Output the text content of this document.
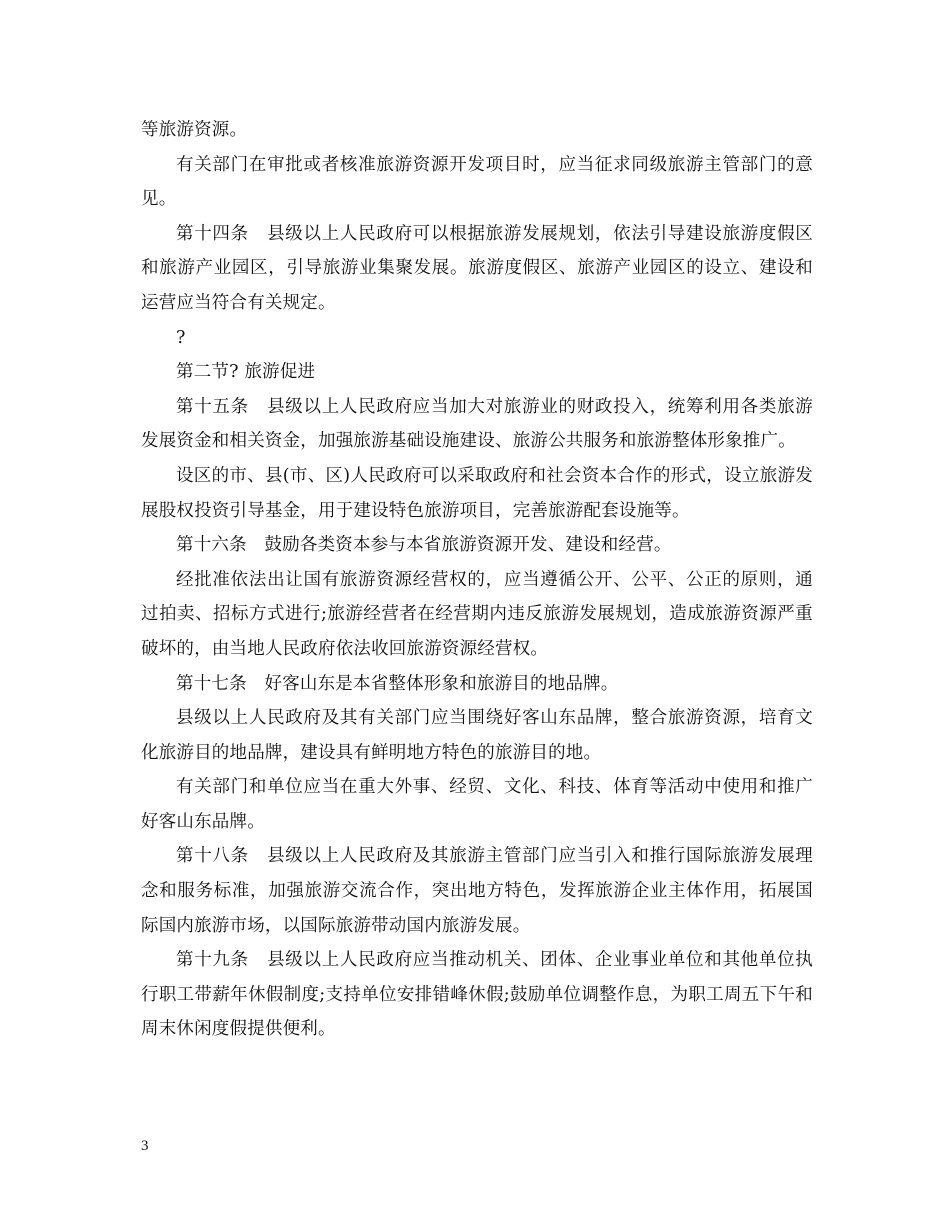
等旅游资源。

有关部门在审批或者核准旅游资源开发项目时，应当征求同级旅游主管部门的意见。

第十四条　县级以上人民政府可以根据旅游发展规划，依法引导建设旅游度假区和旅游产业园区，引导旅游业集聚发展。旅游度假区、旅游产业园区的设立、建设和运营应当符合有关规定。

?

第二节? 旅游促进

第十五条　县级以上人民政府应当加大对旅游业的财政投入，统筹利用各类旅游发展资金和相关资金，加强旅游基础设施建设、旅游公共服务和旅游整体形象推广。

设区的市、县(市、区)人民政府可以采取政府和社会资本合作的形式，设立旅游发展股权投资引导基金，用于建设特色旅游项目，完善旅游配套设施等。

第十六条　鼓励各类资本参与本省旅游资源开发、建设和经营。

经批准依法出让国有旅游资源经营权的，应当遵循公开、公平、公正的原则，通过拍卖、招标方式进行;旅游经营者在经营期内违反旅游发展规划，造成旅游资源严重破坏的，由当地人民政府依法收回旅游资源经营权。

第十七条　好客山东是本省整体形象和旅游目的地品牌。

县级以上人民政府及其有关部门应当围绕好客山东品牌，整合旅游资源，培育文化旅游目的地品牌，建设具有鲜明地方特色的旅游目的地。

有关部门和单位应当在重大外事、经贸、文化、科技、体育等活动中使用和推广好客山东品牌。

第十八条　县级以上人民政府及其旅游主管部门应当引入和推行国际旅游发展理念和服务标准，加强旅游交流合作，突出地方特色，发挥旅游企业主体作用，拓展国际国内旅游市场，以国际旅游带动国内旅游发展。

第十九条　县级以上人民政府应当推动机关、团体、企业事业单位和其他单位执行职工带薪年休假制度;支持单位安排错峰休假;鼓励单位调整作息，为职工周五下午和周末休闲度假提供便利。

3
